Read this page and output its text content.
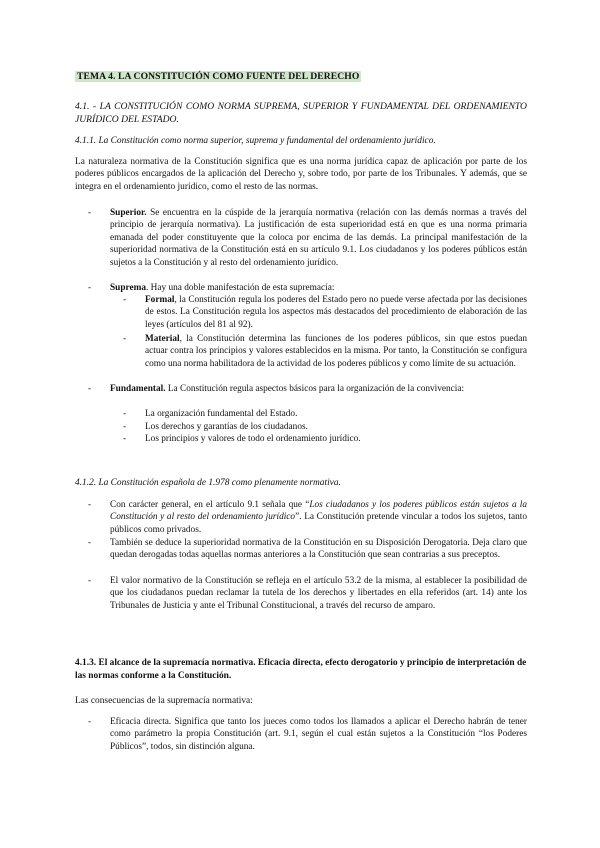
TEMA 4. LA CONSTITUCIÓN COMO FUENTE DEL DERECHO
4.1. - LA CONSTITUCIÓN COMO NORMA SUPREMA, SUPERIOR Y FUNDAMENTAL DEL ORDENAMIENTO JURÍDICO DEL ESTADO.
4.1.1. La Constitución como norma superior, suprema y fundamental del ordenamiento jurídico.
La naturaleza normativa de la Constitución significa que es una norma jurídica capaz de aplicación por parte de los poderes públicos encargados de la aplicación del Derecho y, sobre todo, por parte de los Tribunales. Y además, que se integra en el ordenamiento jurídico, como el resto de las normas.
- Superior. Se encuentra en la cúspide de la jerarquía normativa (relación con las demás normas a través del principio de jerarquía normativa). La justificación de esta superioridad está en que es una norma primaria emanada del poder constituyente que la coloca por encima de las demás. La principal manifestación de la superioridad normativa de la Constitución está en su artículo 9.1. Los ciudadanos y los poderes públicos están sujetos a la Constitución y al resto del ordenamiento jurídico.
- Suprema. Hay una doble manifestación de esta supremacía:
- Formal, la Constitución regula los poderes del Estado pero no puede verse afectada por las decisiones de estos. La Constitución regula los aspectos más destacados del procedimiento de elaboración de las leyes (artículos del 81 al 92).
- Material, la Constitución determina las funciones de los poderes públicos, sin que estos puedan actuar contra los principios y valores establecidos en la misma. Por tanto, la Constitución se configura como una norma habilitadora de la actividad de los poderes públicos y como límite de su actuación.
- Fundamental. La Constitución regula aspectos básicos para la organización de la convivencia:
- La organización fundamental del Estado.
- Los derechos y garantías de los ciudadanos.
- Los principios y valores de todo el ordenamiento jurídico.
4.1.2. La Constitución española de 1.978 como plenamente normativa.
- Con carácter general, en el artículo 9.1 señala que “Los ciudadanos y los poderes públicos están sujetos a la Constitución y al resto del ordenamiento jurídico”. La Constitución pretende vincular a todos los sujetos, tanto públicos como privados.
- También se deduce la superioridad normativa de la Constitución en su Disposición Derogatoria. Deja claro que quedan derogadas todas aquellas normas anteriores a la Constitución que sean contrarias a sus preceptos.
- El valor normativo de la Constitución se refleja en el artículo 53.2 de la misma, al establecer la posibilidad de que los ciudadanos puedan reclamar la tutela de los derechos y libertades en ella referidos (art. 14) ante los Tribunales de Justicia y ante el Tribunal Constitucional, a través del recurso de amparo.
4.1.3. El alcance de la supremacía normativa. Eficacia directa, efecto derogatorio y principio de interpretación de las normas conforme a la Constitución.
Las consecuencias de la supremacía normativa:
- Eficacia directa. Significa que tanto los jueces como todos los llamados a aplicar el Derecho habrán de tener como parámetro la propia Constitución (art. 9.1, según el cual están sujetos a la Constitución “los Poderes Públicos”, todos, sin distinción alguna.
